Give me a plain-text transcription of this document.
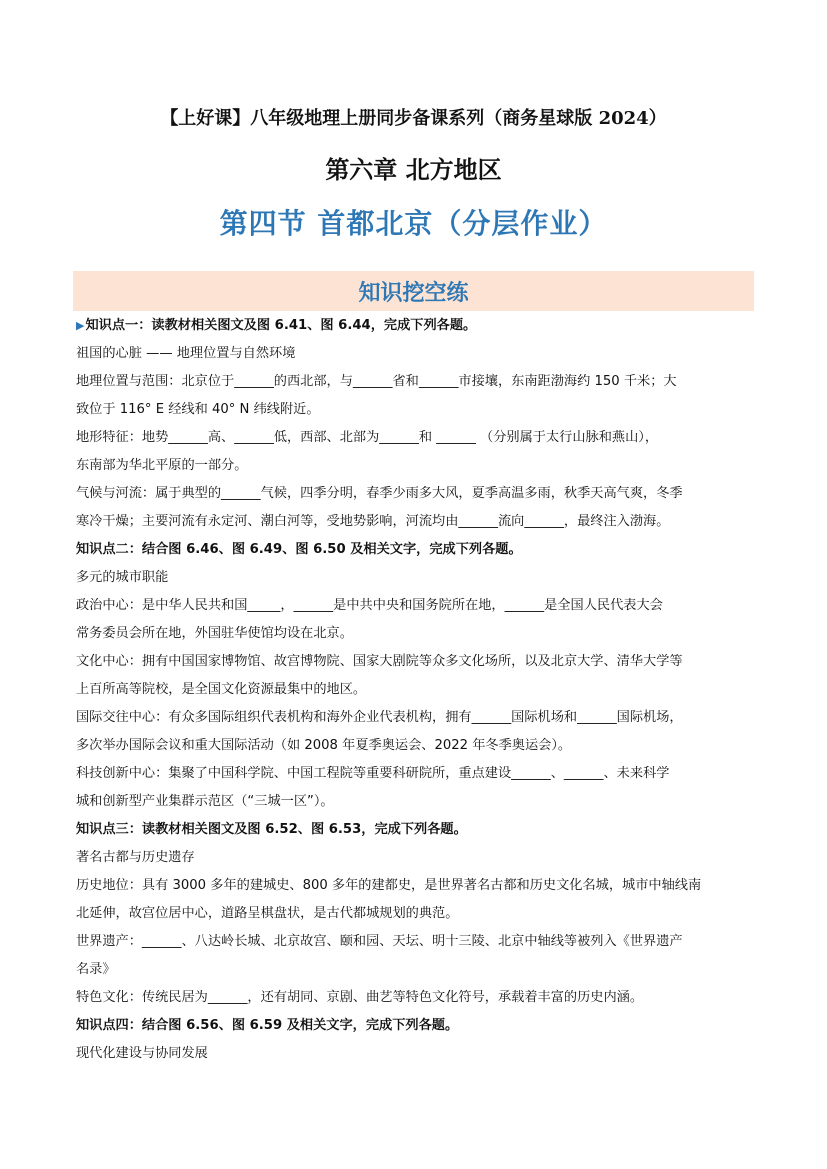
【上好课】八年级地理上册同步备课系列（商务星球版 2024）
第六章 北方地区
第四节 首都北京（分层作业）
知识挖空练
▶知识点一：读教材相关图文及图 6.41、图 6.44，完成下列各题。
祖国的心脏 —— 地理位置与自然环境
地理位置与范围：北京位于______的西北部，与______省和______市接壤，东南距渤海约 150 千米；大
致位于 116° E 经线和 40° N 纬线附近。
地形特征：地势______高、______低，西部、北部为______和 ______ （分别属于太行山脉和燕山），
东南部为华北平原的一部分。
气候与河流：属于典型的______气候，四季分明，春季少雨多大风，夏季高温多雨，秋季天高气爽，冬季
寒冷干燥；主要河流有永定河、潮白河等，受地势影响，河流均由______流向______，最终注入渤海。
知识点二：结合图 6.46、图 6.49、图 6.50 及相关文字，完成下列各题。
多元的城市职能
政治中心：是中华人民共和国_____，______是中共中央和国务院所在地，______是全国人民代表大会
常务委员会所在地，外国驻华使馆均设在北京。
文化中心：拥有中国国家博物馆、故宫博物院、国家大剧院等众多文化场所，以及北京大学、清华大学等
上百所高等院校，是全国文化资源最集中的地区。
国际交往中心：有众多国际组织代表机构和海外企业代表机构，拥有______国际机场和______国际机场，
多次举办国际会议和重大国际活动（如 2008 年夏季奥运会、2022 年冬季奥运会）。
科技创新中心：集聚了中国科学院、中国工程院等重要科研院所，重点建设______、______、未来科学
城和创新型产业集群示范区（“三城一区”）。
知识点三：读教材相关图文及图 6.52、图 6.53，完成下列各题。
著名古都与历史遗存
历史地位：具有 3000 多年的建城史、800 多年的建都史，是世界著名古都和历史文化名城，城市中轴线南
北延伸，故宫位居中心，道路呈棋盘状，是古代都城规划的典范。
世界遗产：______、八达岭长城、北京故宫、颐和园、天坛、明十三陵、北京中轴线等被列入《世界遗产
名录》
特色文化：传统民居为______，还有胡同、京剧、曲艺等特色文化符号，承载着丰富的历史内涵。
知识点四：结合图 6.56、图 6.59 及相关文字，完成下列各题。
现代化建设与协同发展
